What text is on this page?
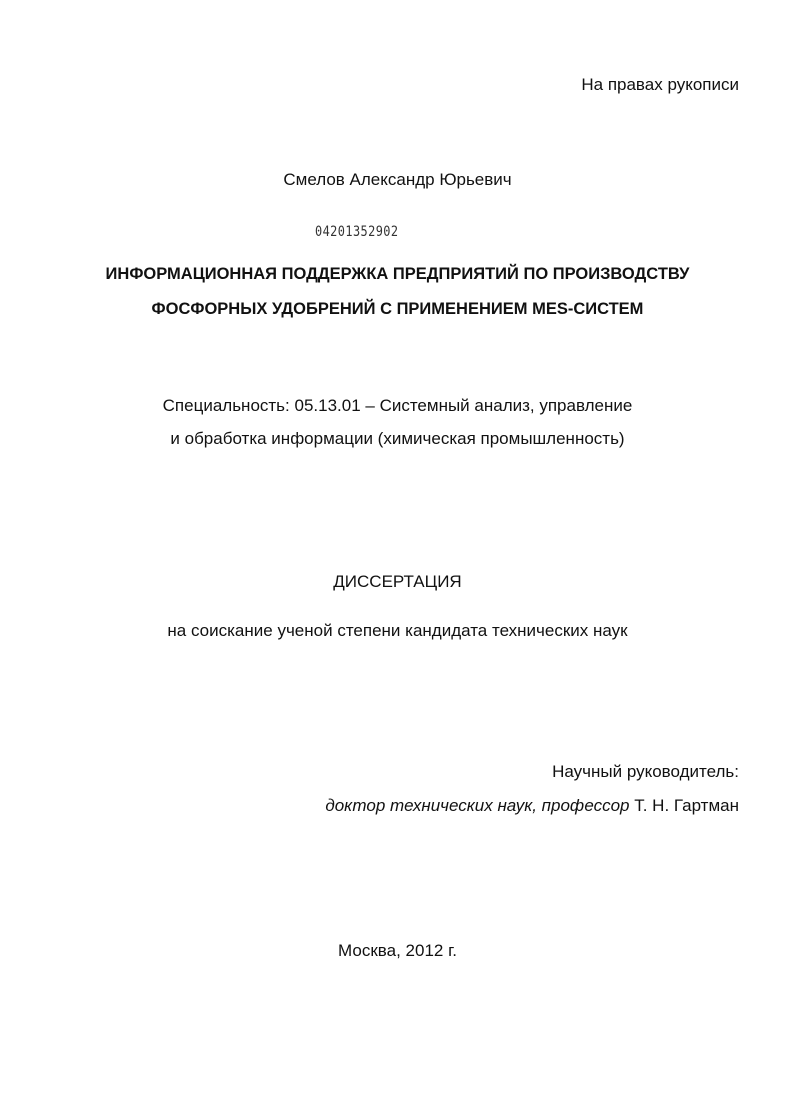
На правах рукописи
Смелов Александр Юрьевич
04201352902
ИНФОРМАЦИОННАЯ ПОДДЕРЖКА ПРЕДПРИЯТИЙ ПО ПРОИЗВОДСТВУ
ФОСФОРНЫХ УДОБРЕНИЙ С ПРИМЕНЕНИЕМ MES-СИСТЕМ
Специальность: 05.13.01 – Системный анализ, управление
и обработка информации (химическая промышленность)
ДИССЕРТАЦИЯ
на соискание ученой степени кандидата технических наук
Научный руководитель:
доктор технических наук, профессор Т. Н. Гартман
Москва, 2012 г.
